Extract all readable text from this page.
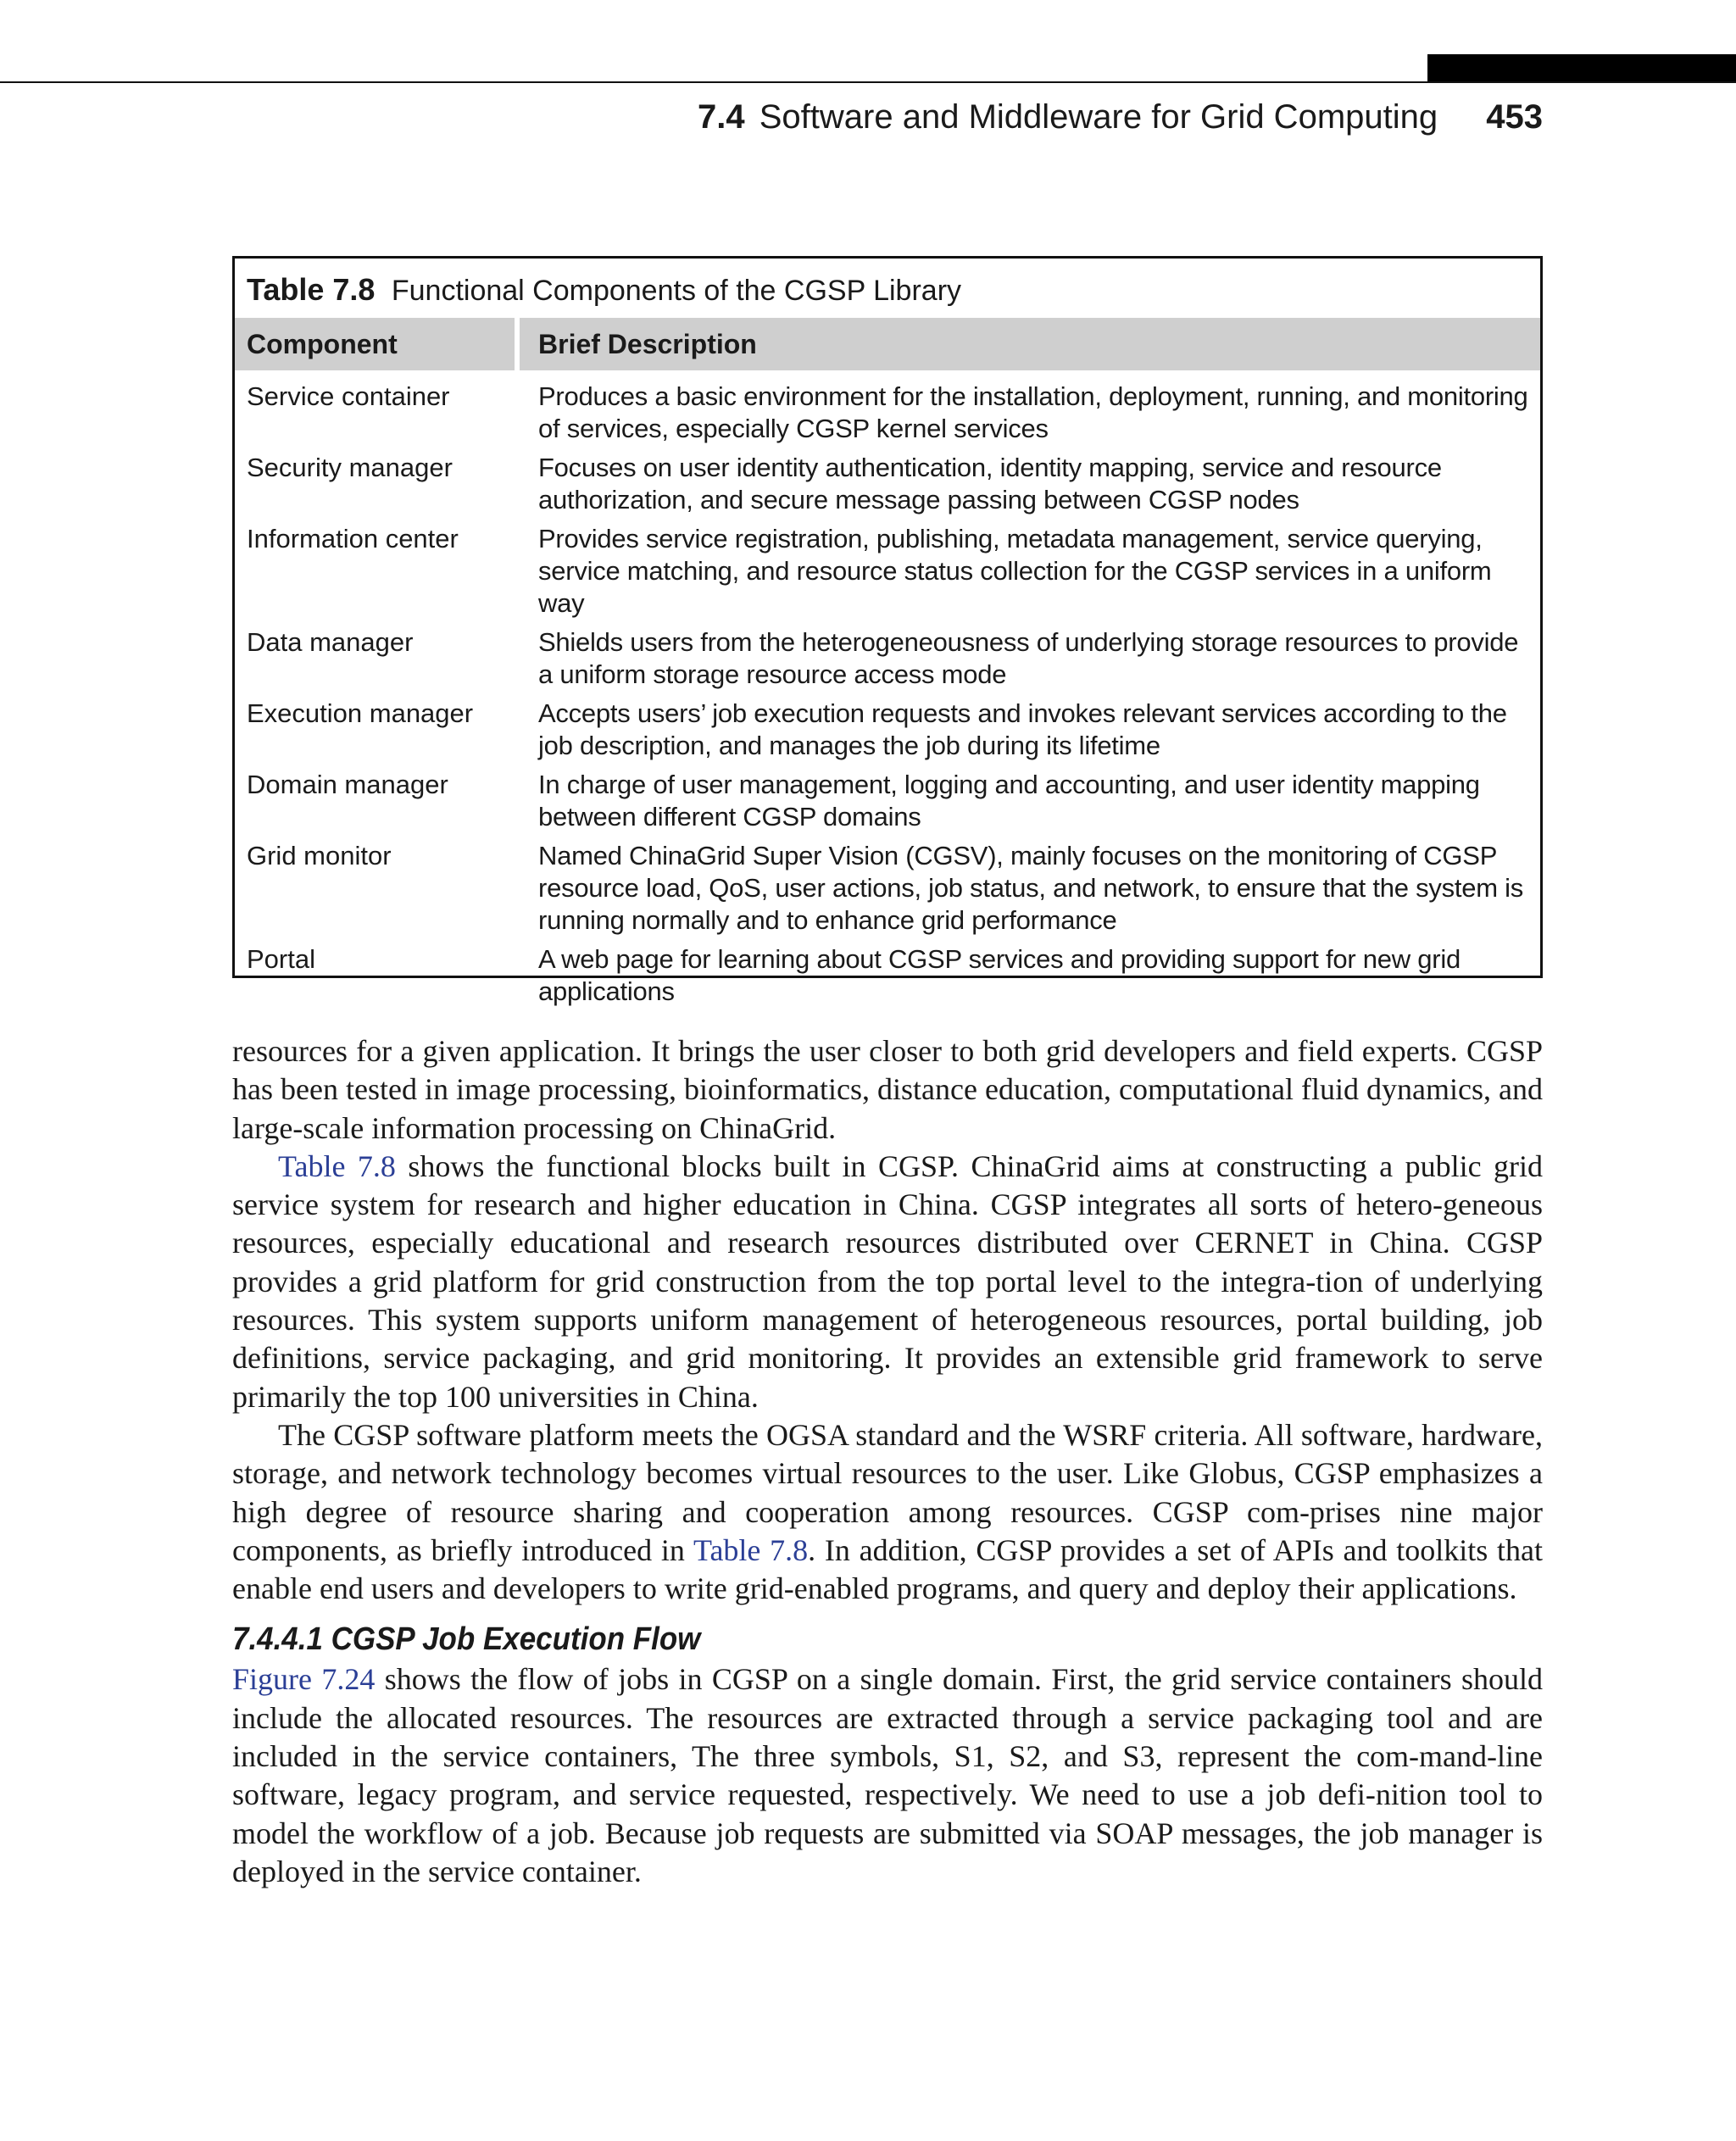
7.4 Software and Middleware for Grid Computing 453
Table 7.8 Functional Components of the CGSP Library
Component	Brief Description
Service container	Produces a basic environment for the installation, deployment, running, and monitoring of services, especially CGSP kernel services
Security manager	Focuses on user identity authentication, identity mapping, service and resource authorization, and secure message passing between CGSP nodes
Information center	Provides service registration, publishing, metadata management, service querying, service matching, and resource status collection for the CGSP services in a uniform way
Data manager	Shields users from the heterogeneousness of underlying storage resources to provide a uniform storage resource access mode
Execution manager	Accepts users’ job execution requests and invokes relevant services according to the job description, and manages the job during its lifetime
Domain manager	In charge of user management, logging and accounting, and user identity mapping between different CGSP domains
Grid monitor	Named ChinaGrid Super Vision (CGSV), mainly focuses on the monitoring of CGSP resource load, QoS, user actions, job status, and network, to ensure that the system is running normally and to enhance grid performance
Portal	A web page for learning about CGSP services and providing support for new grid applications

resources for a given application. It brings the user closer to both grid developers and field experts. CGSP has been tested in image processing, bioinformatics, distance education, computational fluid dynamics, and large-scale information processing on ChinaGrid.

Table 7.8 shows the functional blocks built in CGSP. ChinaGrid aims at constructing a public grid service system for research and higher education in China. CGSP integrates all sorts of hetero-geneous resources, especially educational and research resources distributed over CERNET in China. CGSP provides a grid platform for grid construction from the top portal level to the integra-tion of underlying resources. This system supports uniform management of heterogeneous resources, portal building, job definitions, service packaging, and grid monitoring. It provides an extensible grid framework to serve primarily the top 100 universities in China.

The CGSP software platform meets the OGSA standard and the WSRF criteria. All software, hardware, storage, and network technology becomes virtual resources to the user. Like Globus, CGSP emphasizes a high degree of resource sharing and cooperation among resources. CGSP com-prises nine major components, as briefly introduced in Table 7.8. In addition, CGSP provides a set of APIs and toolkits that enable end users and developers to write grid-enabled programs, and query and deploy their applications.

7.4.4.1 CGSP Job Execution Flow

Figure 7.24 shows the flow of jobs in CGSP on a single domain. First, the grid service containers should include the allocated resources. The resources are extracted through a service packaging tool and are included in the service containers, The three symbols, S1, S2, and S3, represent the com-mand-line software, legacy program, and service requested, respectively. We need to use a job defi-nition tool to model the workflow of a job. Because job requests are submitted via SOAP messages, the job manager is deployed in the service container.
